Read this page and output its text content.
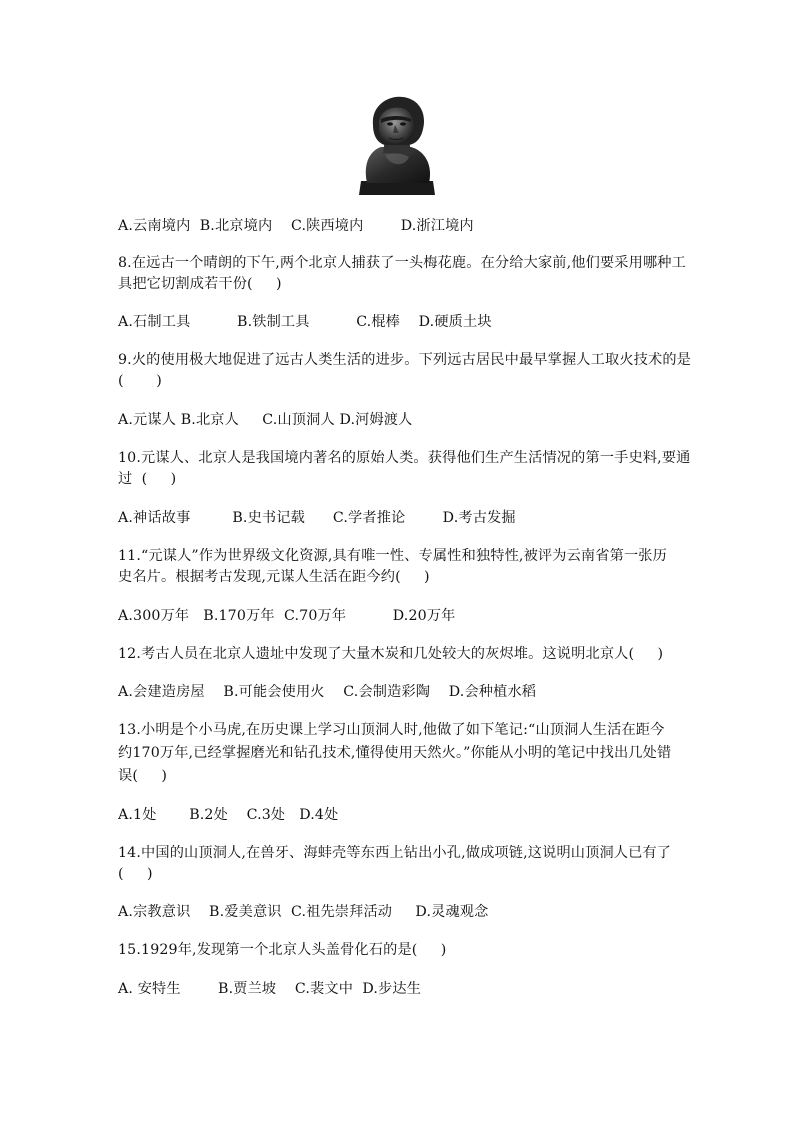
A.云南境内  B.北京境内    C.陕西境内        D.浙江境内
8.在远古一个晴朗的下午,两个北京人捕获了一头梅花鹿。在分给大家前,他们要采用哪种工
具把它切割成若干份(     )
A.石制工具          B.铁制工具          C.棍棒    D.硬质土块
9.火的使用极大地促进了远古人类生活的进步。下列远古居民中最早掌握人工取火技术的是
(       )
A.元谋人 B.北京人     C.山顶洞人 D.河姆渡人
10.元谋人、北京人是我国境内著名的原始人类。获得他们生产生活情况的第一手史料,要通
过  (     )
A.神话故事         B.史书记载      C.学者推论        D.考古发掘
11.“元谋人”作为世界级文化资源,具有唯一性、专属性和独特性,被评为云南省第一张历
史名片。根据考古发现,元谋人生活在距今约(     )
A.300万年   B.170万年  C.70万年          D.20万年
12.考古人员在北京人遗址中发现了大量木炭和几处较大的灰烬堆。这说明北京人(     )
A.会建造房屋    B.可能会使用火    C.会制造彩陶    D.会种植水稻
13.小明是个小马虎,在历史课上学习山顶洞人时,他做了如下笔记:“山顶洞人生活在距今
约170万年,已经掌握磨光和钻孔技术,懂得使用天然火。”你能从小明的笔记中找出几处错
误(     )
A.1处       B.2处    C.3处   D.4处
14.中国的山顶洞人,在兽牙、海蚌壳等东西上钻出小孔,做成项链,这说明山顶洞人已有了
(     )
A.宗教意识    B.爱美意识  C.祖先崇拜活动     D.灵魂观念
15.1929年,发现第一个北京人头盖骨化石的是(     )
A. 安特生        B.贾兰坡    C.裴文中  D.步达生
